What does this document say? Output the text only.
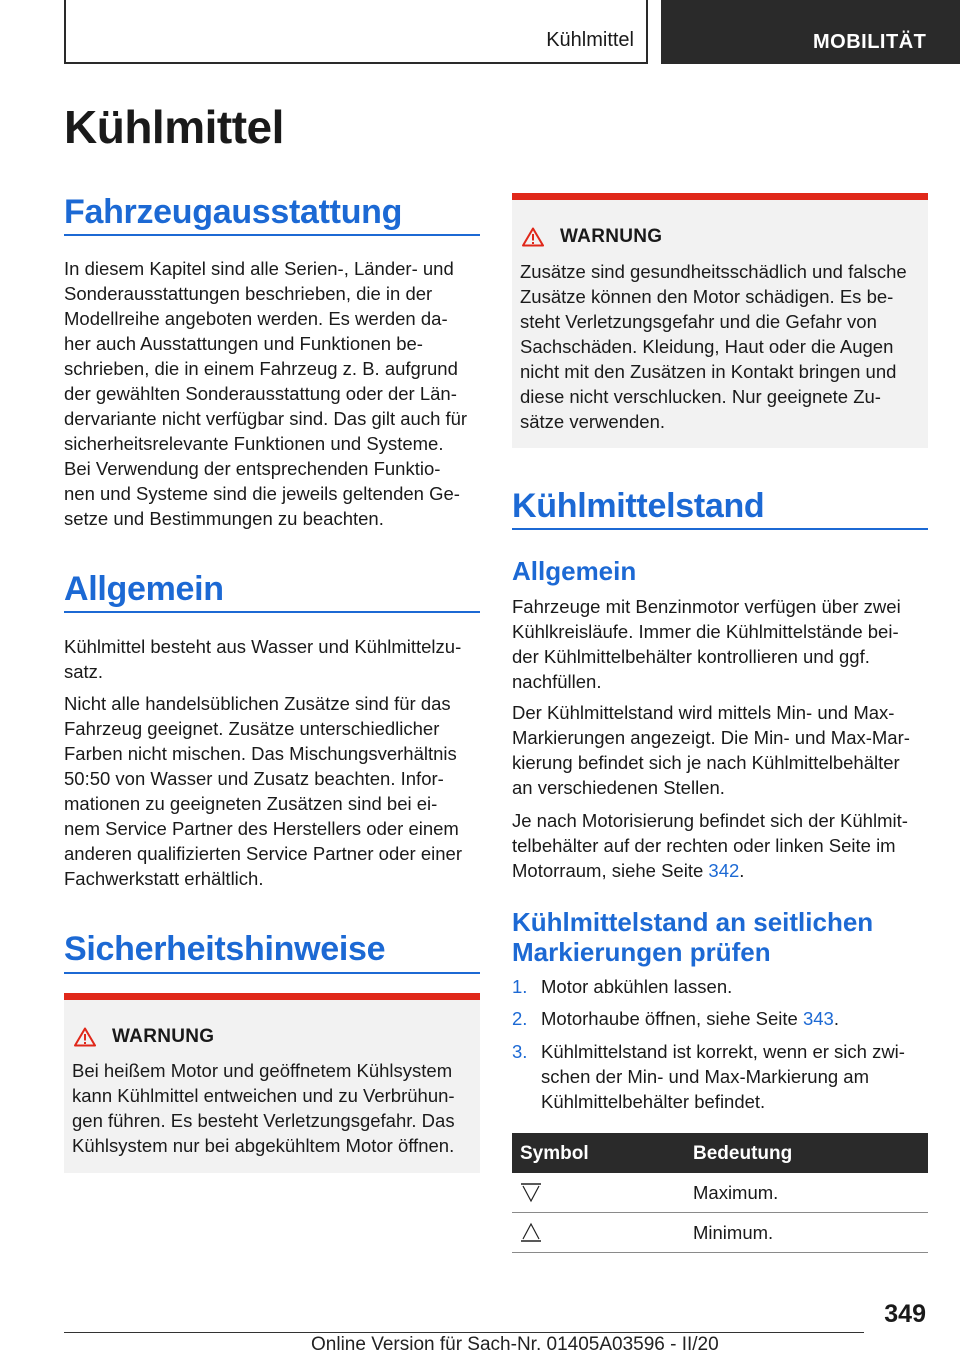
Kühlmittel	MOBILITÄT
Kühlmittel
Fahrzeugausstattung
In diesem Kapitel sind alle Serien-, Länder- und
Sonderausstattungen beschrieben, die in der
Modellreihe angeboten werden. Es werden da-
her auch Ausstattungen und Funktionen be-
schrieben, die in einem Fahrzeug z. B. aufgrund
der gewählten Sonderausstattung oder der Län-
dervariante nicht verfügbar sind. Das gilt auch für
sicherheitsrelevante Funktionen und Systeme.
Bei Verwendung der entsprechenden Funktio-
nen und Systeme sind die jeweils geltenden Ge-
setze und Bestimmungen zu beachten.
Allgemein
Kühlmittel besteht aus Wasser und Kühlmittelzu-
satz.
Nicht alle handelsüblichen Zusätze sind für das
Fahrzeug geeignet. Zusätze unterschiedlicher
Farben nicht mischen. Das Mischungsverhältnis
50:50 von Wasser und Zusatz beachten. Infor-
mationen zu geeigneten Zusätzen sind bei ei-
nem Service Partner des Herstellers oder einem
anderen qualifizierten Service Partner oder einer
Fachwerkstatt erhältlich.
Sicherheitshinweise
WARNUNG
Bei heißem Motor und geöffnetem Kühlsystem
kann Kühlmittel entweichen und zu Verbrühun-
gen führen. Es besteht Verletzungsgefahr. Das
Kühlsystem nur bei abgekühltem Motor öffnen.
WARNUNG
Zusätze sind gesundheitsschädlich und falsche
Zusätze können den Motor schädigen. Es be-
steht Verletzungsgefahr und die Gefahr von
Sachschäden. Kleidung, Haut oder die Augen
nicht mit den Zusätzen in Kontakt bringen und
diese nicht verschlucken. Nur geeignete Zu-
sätze verwenden.
Kühlmittelstand
Allgemein
Fahrzeuge mit Benzinmotor verfügen über zwei
Kühlkreisläufe. Immer die Kühlmittelstände bei-
der Kühlmittelbehälter kontrollieren und ggf.
nachfüllen.
Der Kühlmittelstand wird mittels Min- und Max-
Markierungen angezeigt. Die Min- und Max-Mar-
kierung befindet sich je nach Kühlmittelbehälter
an verschiedenen Stellen.
Je nach Motorisierung befindet sich der Kühlmit-
telbehälter auf der rechten oder linken Seite im
Motorraum, siehe Seite 342.
Kühlmittelstand an seitlichen
Markierungen prüfen
1. Motor abkühlen lassen.
2. Motorhaube öffnen, siehe Seite 343.
3. Kühlmittelstand ist korrekt, wenn er sich zwi-
schen der Min- und Max-Markierung am
Kühlmittelbehälter befindet.
Symbol	Bedeutung
Maximum.
Minimum.
349
Online Version für Sach-Nr. 01405A03596 - II/20
